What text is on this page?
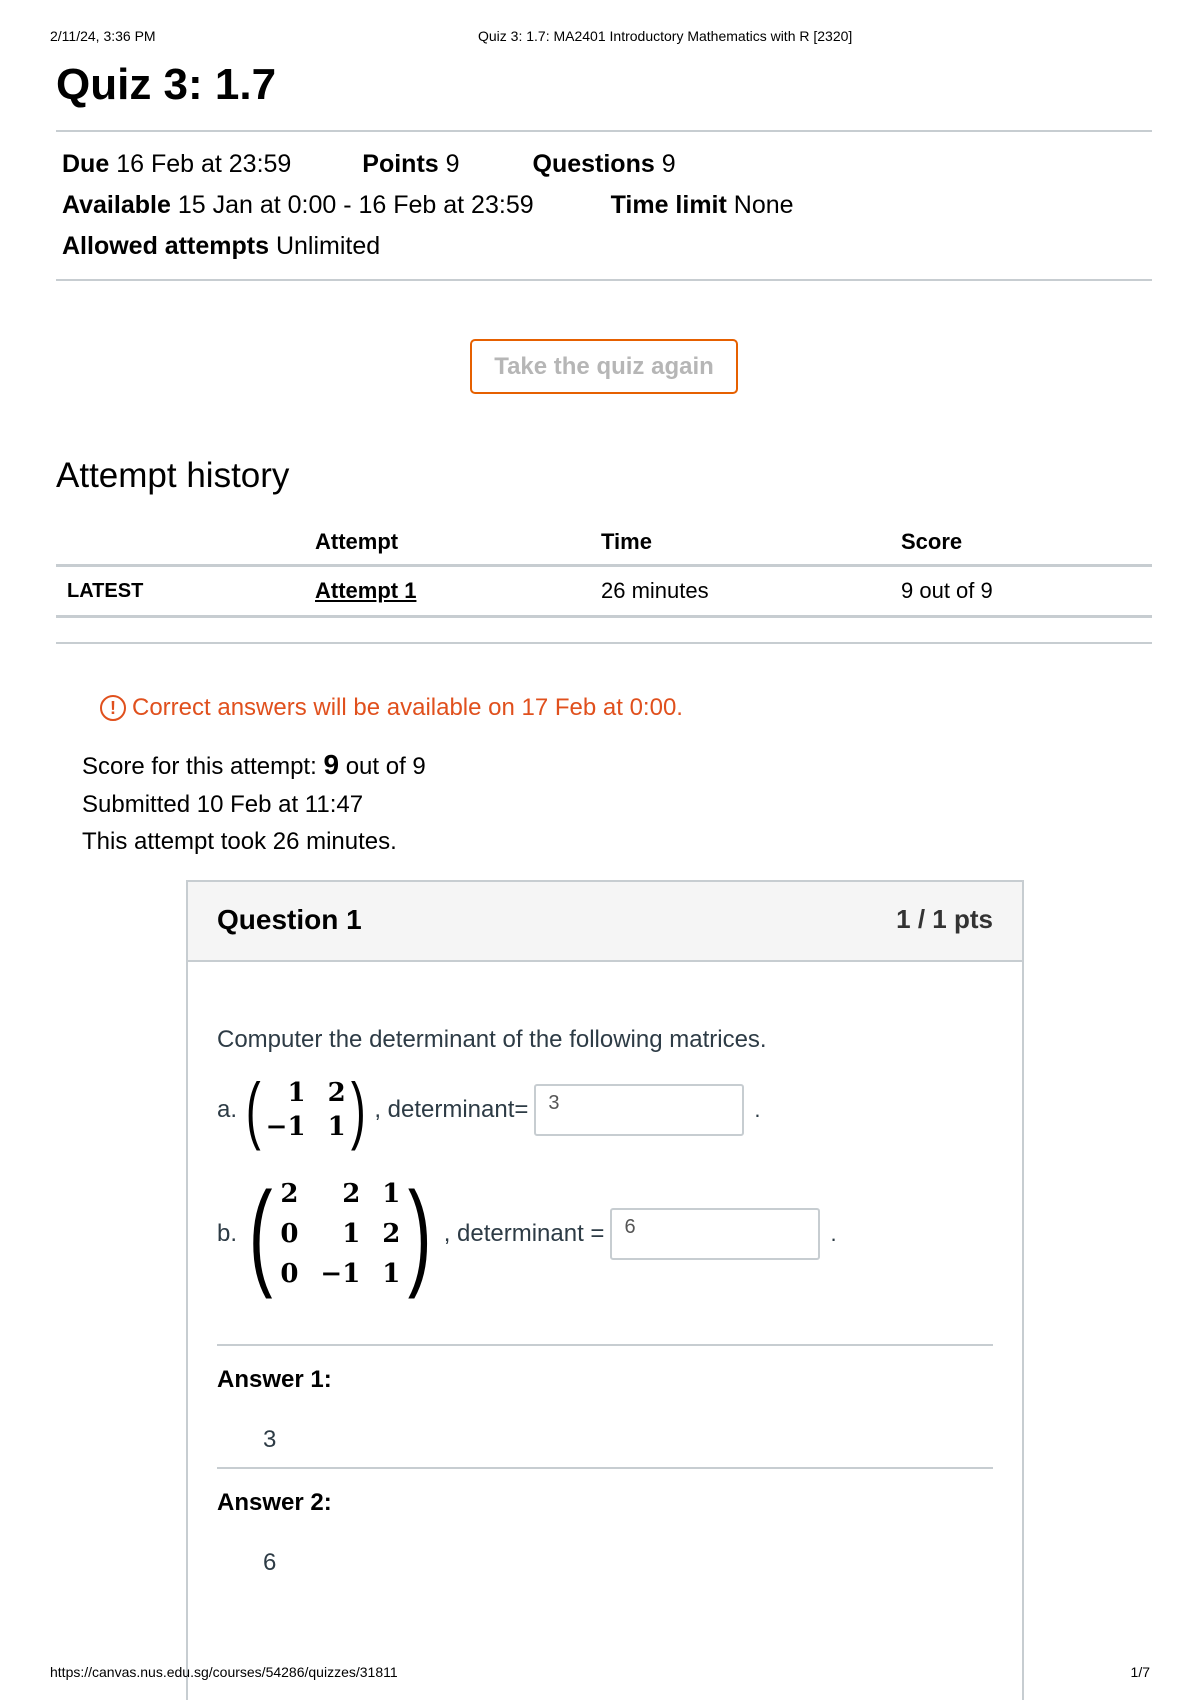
2/11/24, 3:36 PM	Quiz 3: 1.7: MA2401 Introductory Mathematics with R [2320]
Quiz 3: 1.7
Due 16 Feb at 23:59	Points 9	Questions 9
Available 15 Jan at 0:00 - 16 Feb at 23:59	Time limit None
Allowed attempts Unlimited
Take the quiz again
Attempt history
	Attempt	Time	Score
LATEST	Attempt 1	26 minutes	9 out of 9
! Correct answers will be available on 17 Feb at 0:00.
Score for this attempt: 9 out of 9
Submitted 10 Feb at 11:47
This attempt took 26 minutes.
Question 1	1 / 1 pts
Computer the determinant of the following matrices.
a. (	1 2
−1 1 ) , determinant=	3	.
b. ( 2	2 1
0	1 2
0 −1 1 ) , determinant =	6	.
Answer 1:
3
Answer 2:
6
https://canvas.nus.edu.sg/courses/54286/quizzes/31811	1/7
